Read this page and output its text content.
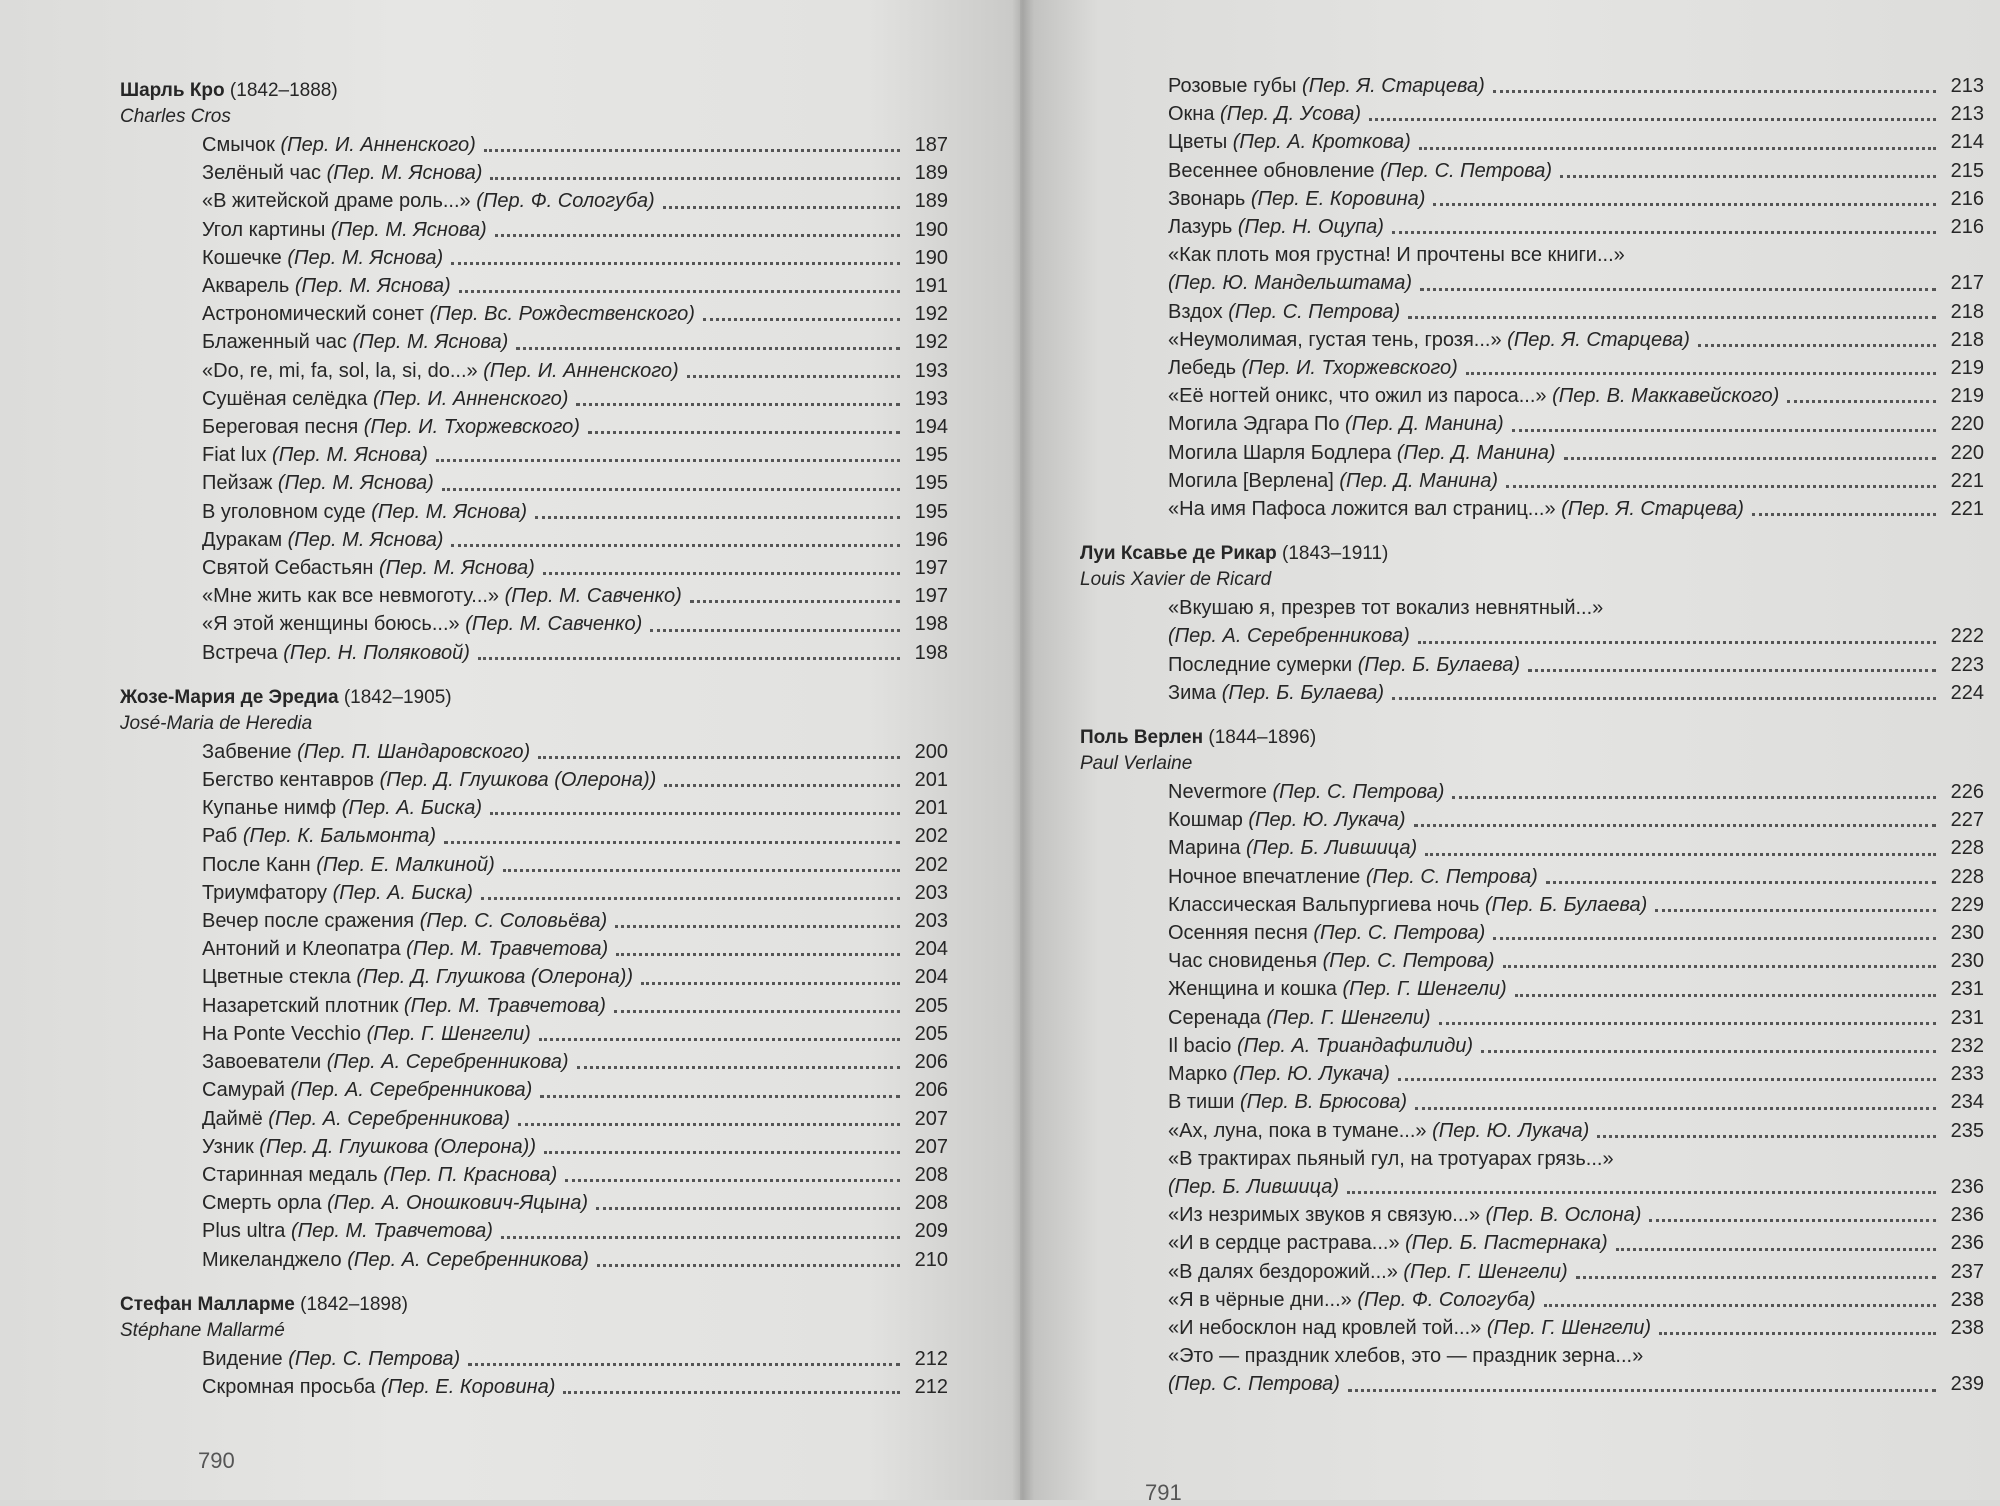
Шарль Кро (1842–1888)
Charles Cros
Смычок (Пер. И. Анненского)	187
Зелёный час (Пер. М. Яснова)	189
«В житейской драме роль...» (Пер. Ф. Сологуба)	189
Угол картины (Пер. М. Яснова)	190
Кошечке (Пер. М. Яснова)	190
Акварель (Пер. М. Яснова)	191
Астрономический сонет (Пер. Вс. Рождественского)	192
Блаженный час (Пер. М. Яснова)	192
«Do, re, mi, fa, sol, la, si, do...» (Пер. И. Анненского)	193
Сушёная селёдка (Пер. И. Анненского)	193
Береговая песня (Пер. И. Тхоржевского)	194
Fiat lux (Пер. М. Яснова)	195
Пейзаж (Пер. М. Яснова)	195
В уголовном суде (Пер. М. Яснова)	195
Дуракам (Пер. М. Яснова)	196
Святой Себастьян (Пер. М. Яснова)	197
«Мне жить как все невмоготу...» (Пер. М. Савченко)	197
«Я этой женщины боюсь...» (Пер. М. Савченко)	198
Встреча (Пер. Н. Поляковой)	198
Жозе-Мария де Эредиа (1842–1905)
José-Maria de Heredia
Забвение (Пер. П. Шандаровского)	200
Бегство кентавров (Пер. Д. Глушкова (Олерона))	201
Купанье нимф (Пер. А. Биска)	201
Раб (Пер. К. Бальмонта)	202
После Канн (Пер. Е. Малкиной)	202
Триумфатору (Пер. А. Биска)	203
Вечер после сражения (Пер. С. Соловьёва)	203
Антоний и Клеопатра (Пер. М. Травчетова)	204
Цветные стекла (Пер. Д. Глушкова (Олерона))	204
Назаретский плотник (Пер. М. Травчетова)	205
На Ponte Vecchio (Пер. Г. Шенгели)	205
Завоеватели (Пер. А. Серебренникова)	206
Самурай (Пер. А. Серебренникова)	206
Даймё (Пер. А. Серебренникова)	207
Узник (Пер. Д. Глушкова (Олерона))	207
Старинная медаль (Пер. П. Краснова)	208
Смерть орла (Пер. А. Оношкович-Яцына)	208
Plus ultra (Пер. М. Травчетова)	209
Микеланджело (Пер. А. Серебренникова)	210
Стефан Малларме (1842–1898)
Stéphane Mallarmé
Видение (Пер. С. Петрова)	212
Скромная просьба (Пер. Е. Коровина)	212
790
Розовые губы (Пер. Я. Старцева)	213
Окна (Пер. Д. Усова)	213
Цветы (Пер. А. Кроткова)	214
Весеннее обновление (Пер. С. Петрова)	215
Звонарь (Пер. Е. Коровина)	216
Лазурь (Пер. Н. Оцупа)	216
«Как плоть моя грустна! И прочтены все книги...»
(Пер. Ю. Мандельштама)	217
Вздох (Пер. С. Петрова)	218
«Неумолимая, густая тень, грозя...» (Пер. Я. Старцева)	218
Лебедь (Пер. И. Тхоржевского)	219
«Её ногтей оникс, что ожил из пароса...» (Пер. В. Маккавейского)	219
Могила Эдгара По (Пер. Д. Манина)	220
Могила Шарля Бодлера (Пер. Д. Манина)	220
Могила [Верлена] (Пер. Д. Манина)	221
«На имя Пафоса ложится вал страниц...» (Пер. Я. Старцева)	221
Луи Ксавье де Рикар (1843–1911)
Louis Xavier de Ricard
«Вкушаю я, презрев тот вокализ невнятный...»
(Пер. А. Серебренникова)	222
Последние сумерки (Пер. Б. Булаева)	223
Зима (Пер. Б. Булаева)	224
Поль Верлен (1844–1896)
Paul Verlaine
Nevermore (Пер. С. Петрова)	226
Кошмар (Пер. Ю. Лукача)	227
Марина (Пер. Б. Лившица)	228
Ночное впечатление (Пер. С. Петрова)	228
Классическая Вальпургиева ночь (Пер. Б. Булаева)	229
Осенняя песня (Пер. С. Петрова)	230
Час сновиденья (Пер. С. Петрова)	230
Женщина и кошка (Пер. Г. Шенгели)	231
Серенада (Пер. Г. Шенгели)	231
Il bacio (Пер. А. Триандафилиди)	232
Марко (Пер. Ю. Лукача)	233
В тиши (Пер. В. Брюсова)	234
«Ах, луна, пока в тумане...» (Пер. Ю. Лукача)	235
«В трактирах пьяный гул, на тротуарах грязь...»
(Пер. Б. Лившица)	236
«Из незримых звуков я связую...» (Пер. В. Ослона)	236
«И в сердце растрава...» (Пер. Б. Пастернака)	236
«В далях бездорожий...» (Пер. Г. Шенгели)	237
«Я в чёрные дни...» (Пер. Ф. Сологуба)	238
«И небосклон над кровлей той...» (Пер. Г. Шенгели)	238
«Это — праздник хлебов, это — праздник зерна...»
(Пер. С. Петрова)	239
791
